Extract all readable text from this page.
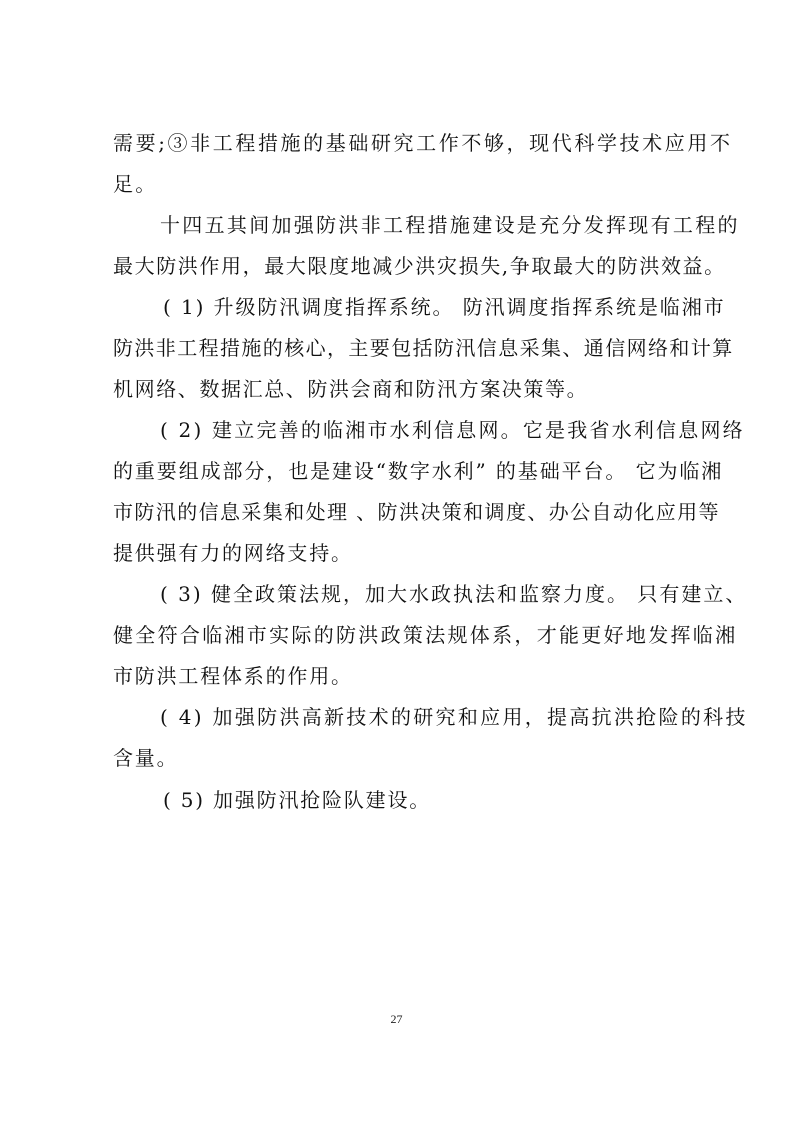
需要;③非工程措施的基础研究工作不够，现代科学技术应用不
足。
十四五其间加强防洪非工程措施建设是充分发挥现有工程的
最大防洪作用，最大限度地减少洪灾损失,争取最大的防洪效益。
( 1) 升级防汛调度指挥系统。 防汛调度指挥系统是临湘市
防洪非工程措施的核心，主要包括防汛信息采集、通信网络和计算
机网络、数据汇总、防洪会商和防汛方案决策等。
( 2) 建立完善的临湘市水利信息网。它是我省水利信息网络
的重要组成部分，也是建设“数字水利” 的基础平台。 它为临湘
市防汛的信息采集和处理 、防洪决策和调度、办公自动化应用等
提供强有力的网络支持。
( 3) 健全政策法规，加大水政执法和监察力度。 只有建立、
健全符合临湘市实际的防洪政策法规体系，才能更好地发挥临湘
市防洪工程体系的作用。
( 4) 加强防洪高新技术的研究和应用，提高抗洪抢险的科技
含量。
( 5) 加强防汛抢险队建设。
27
